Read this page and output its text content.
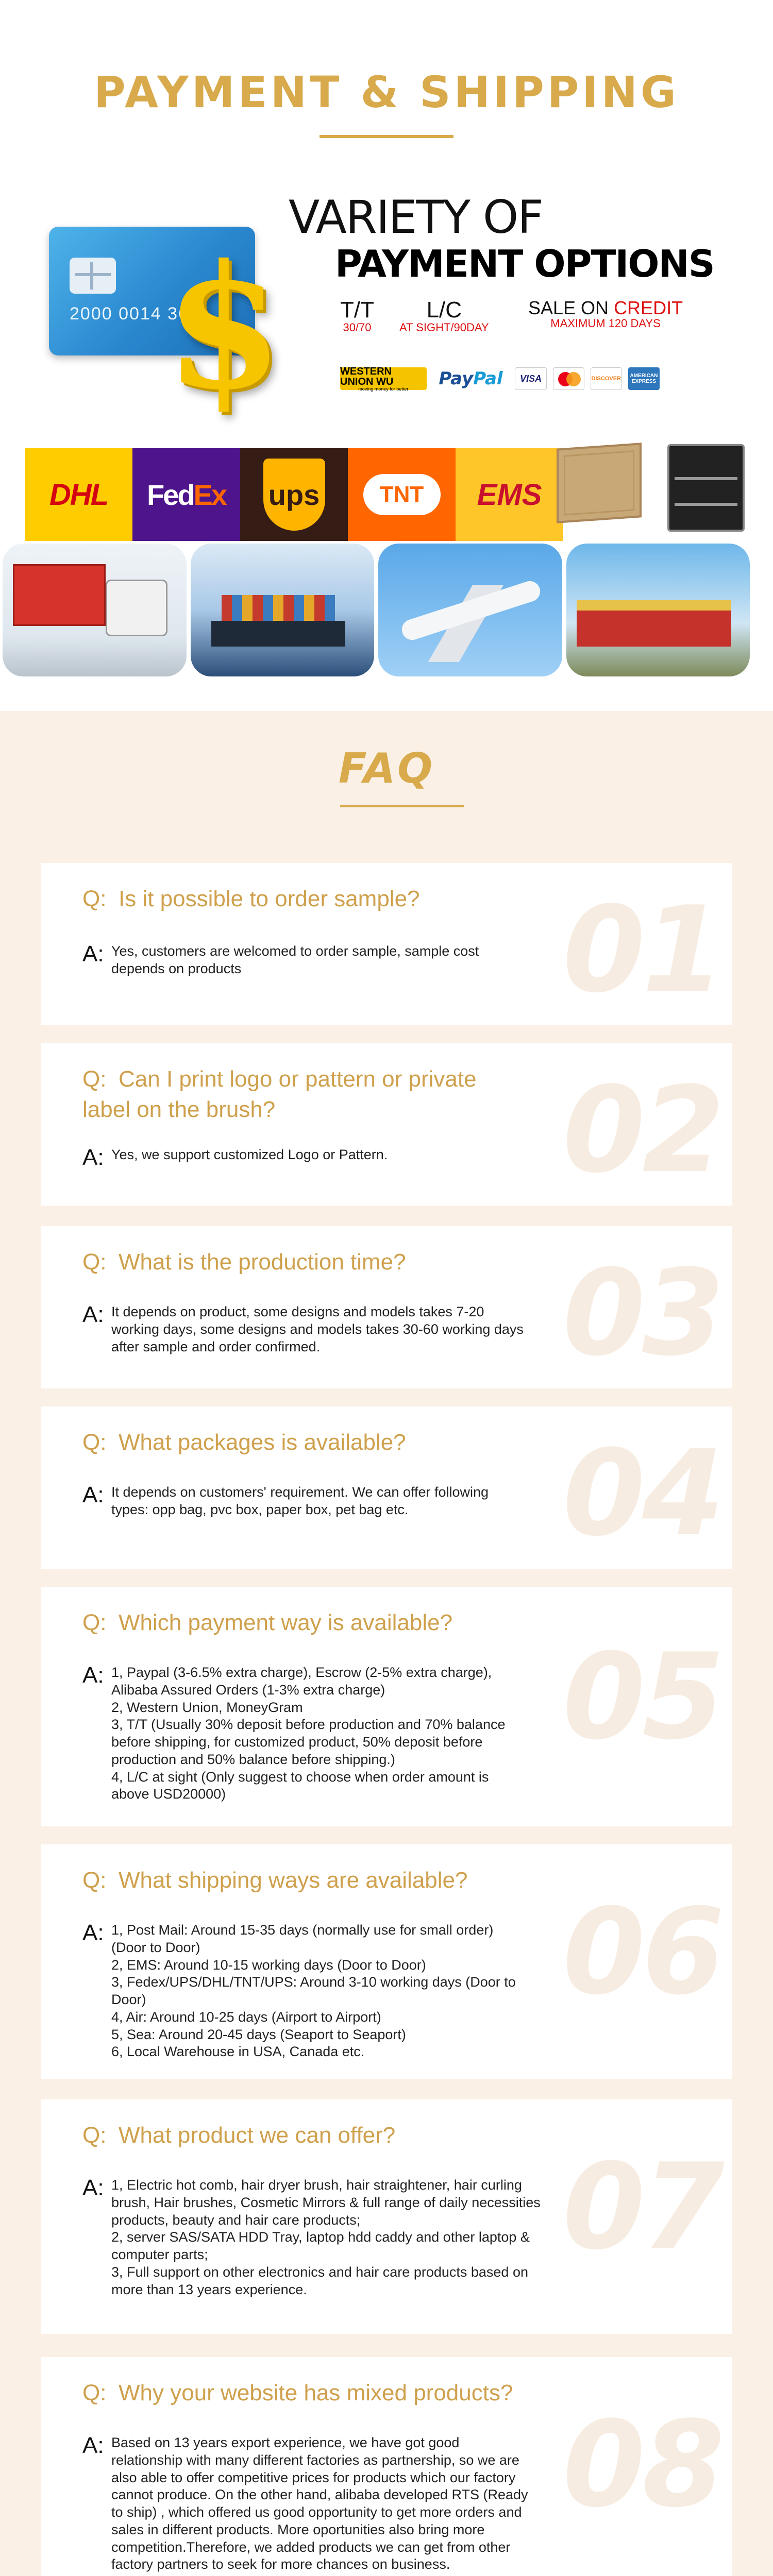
PAYMENT & SHIPPING
2000 0014 36
$
VARIETY OF
PAYMENT OPTIONS
T/T
30/70
L/C
AT SIGHT/90DAY
SALE ON CREDIT
MAXIMUM 120 DAYS
WESTERN UNION WU
moving money for better Pay Pal	VISA	DISCOVER	AMERICAN EXPRESS
DHL	Fed Ex ups	TNT	EMS
FAQ
01
Q: Is it possible to order sample?
A: Yes, customers are welcomed to order sample, sample cost
depends on products
02
Q: Can I print logo or pattern or private
label on the brush?
A: Yes, we support customized Logo or Pattern.
03
Q: What is the production time?
A: It depends on product, some designs and models takes 7-20
working days, some designs and models takes 30-60 working days
after sample and order confirmed.
04
Q: What packages is available?
A: It depends on customers' requirement. We can offer following
types: opp bag, pvc box, paper box, pet bag etc.
05
Q: Which payment way is available?
A: 1, Paypal (3-6.5% extra charge), Escrow (2-5% extra charge),
Alibaba Assured Orders (1-3% extra charge)
2, Western Union, MoneyGram
3, T/T (Usually 30% deposit before production and 70% balance
before shipping, for customized product, 50% deposit before
production and 50% balance before shipping.)
4, L/C at sight (Only suggest to choose when order amount is
above USD20000)
06
Q: What shipping ways are available?
A: 1, Post Mail: Around 15-35 days (normally use for small order)
(Door to Door)
2, EMS: Around 10-15 working days (Door to Door)
3, Fedex/UPS/DHL/TNT/UPS: Around 3-10 working days (Door to
Door)
4, Air: Around 10-25 days (Airport to Airport)
5, Sea: Around 20-45 days (Seaport to Seaport)
6, Local Warehouse in USA, Canada etc.
07
Q: What product we can offer?
A: 1, Electric hot comb, hair dryer brush, hair straightener, hair curling
brush, Hair brushes, Cosmetic Mirrors & full range of daily necessities
products, beauty and hair care products;
2, server SAS/SATA HDD Tray, laptop hdd caddy and other laptop &
computer parts;
3, Full support on other electronics and hair care products based on
more than 13 years experience.
08
Q: Why your website has mixed products?
A: Based on 13 years export experience, we have got good
relationship with many different factories as partnership, so we are
also able to offer competitive prices for products which our factory
cannot produce. On the other hand, alibaba developed RTS (Ready
to ship) , which offered us good opportunity to get more orders and
sales in different products. More oportunities also bring more
competition.Therefore, we added products we can get from other
factory partners to seek for more chances on business.
